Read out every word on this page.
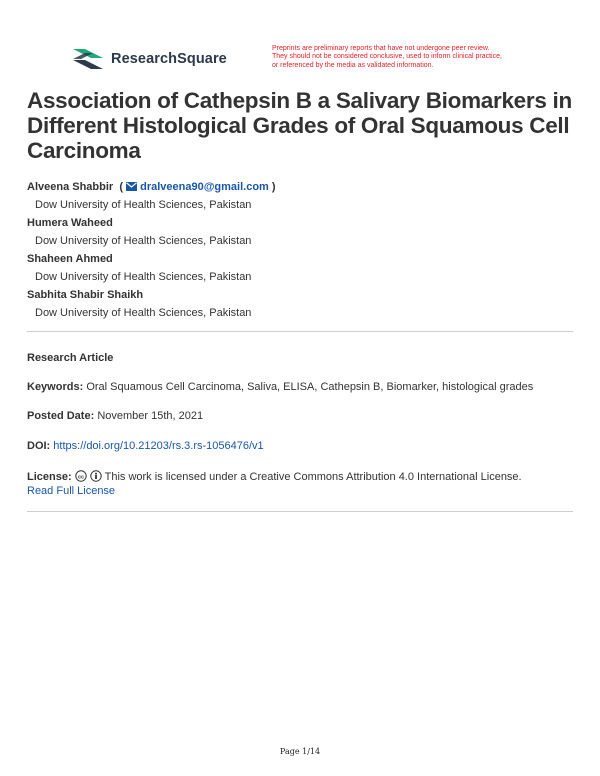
ResearchSquare
Preprints are preliminary reports that have not undergone peer review.
They should not be considered conclusive, used to inform clinical practice,
or referenced by the media as validated information.
Association of Cathepsin B a Salivary Biomarkers in Different Histological Grades of Oral Squamous Cell Carcinoma
Alveena Shabbir  (  dralveena90@gmail.com )
Dow University of Health Sciences, Pakistan
Humera Waheed
Dow University of Health Sciences, Pakistan
Shaheen Ahmed
Dow University of Health Sciences, Pakistan
Sabhita Shabir Shaikh
Dow University of Health Sciences, Pakistan
Research Article
Keywords: Oral Squamous Cell Carcinoma, Saliva, ELISA, Cathepsin B, Biomarker, histological grades
Posted Date: November 15th, 2021
DOI: https://doi.org/10.21203/rs.3.rs-1056476/v1
License: cc This work is licensed under a Creative Commons Attribution 4.0 International License.
Read Full License
Page 1/14
